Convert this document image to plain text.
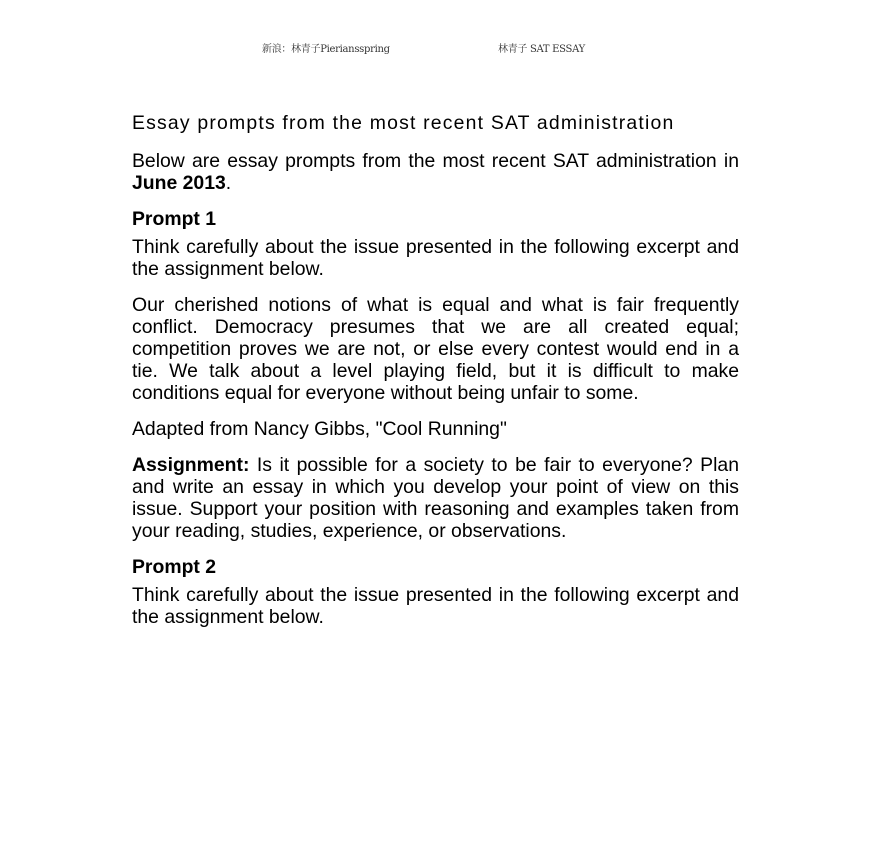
新浪：林青子Pieriansspring	林青子 SAT ESSAY

Essay prompts from the most recent SAT administration

Below are essay prompts from the most recent SAT administration in June 2013.

Prompt 1

Think carefully about the issue presented in the following excerpt and the assignment below.

Our cherished notions of what is equal and what is fair frequently conflict. Democracy presumes that we are all created equal; competition proves we are not, or else every contest would end in a tie. We talk about a level playing field, but it is difficult to make conditions equal for everyone without being unfair to some.

Adapted from Nancy Gibbs, "Cool Running"

Assignment: Is it possible for a society to be fair to everyone? Plan and write an essay in which you develop your point of view on this issue. Support your position with reasoning and examples taken from your reading, studies, experience, or observations.

Prompt 2

Think carefully about the issue presented in the following excerpt and the assignment below.
